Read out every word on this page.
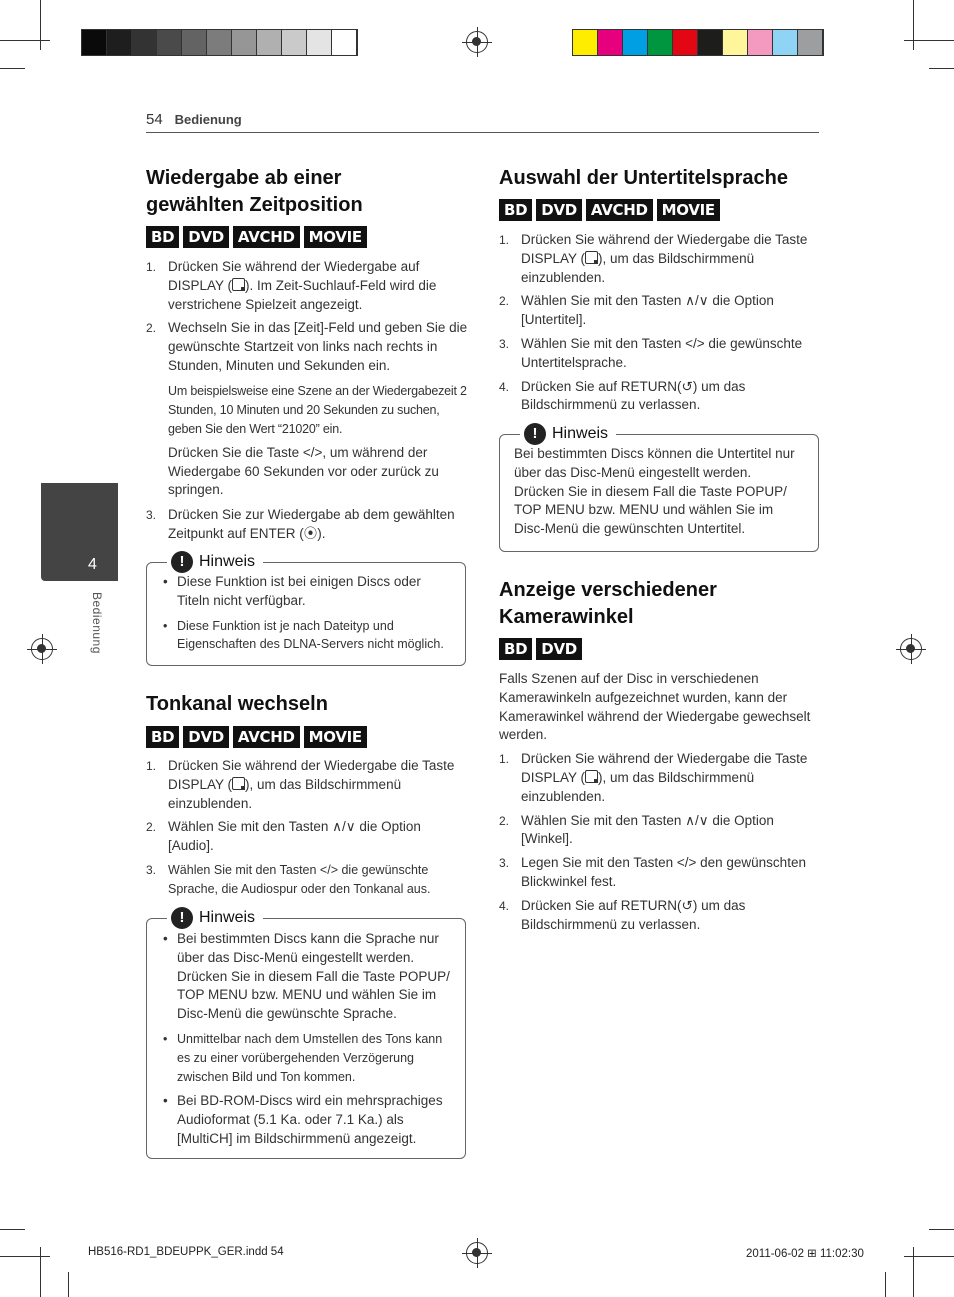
54 Bedienung
4
Bedienung
Wiedergabe ab einer
gewählten Zeitposition
BD DVD AVCHD MOVIE
1. Drücken Sie während der Wiedergabe auf DISPLAY ( ). Im Zeit-Suchlauf-Feld wird die verstrichene Spielzeit angezeigt.
2. Wechseln Sie in das [Zeit]-Feld und geben Sie die gewünschte Startzeit von links nach rechts in Stunden, Minuten und Sekunden ein.

Um beispielsweise eine Szene an der Wiedergabezeit 2 Stunden, 10 Minuten und 20 Sekunden zu suchen, geben Sie den Wert “21020” ein.

Drücken Sie die Taste </>, um während der Wiedergabe 60 Sekunden vor oder zurück zu springen.

3. Drücken Sie zur Wiedergabe ab dem gewählten Zeitpunkt auf ENTER (⦿).
! Hinweis
• Diese Funktion ist bei einigen Discs oder Titeln nicht verfügbar.
• Diese Funktion ist je nach Dateityp und Eigenschaften des DLNA-Servers nicht möglich.
Tonkanal wechseln
BD DVD AVCHD MOVIE
1. Drücken Sie während der Wiedergabe die Taste DISPLAY ( ), um das Bildschirmmenü einzublenden.
2. Wählen Sie mit den Tasten ∧/∨ die Option [Audio].
3. Wählen Sie mit den Tasten </> die gewünschte Sprache, die Audiospur oder den Tonkanal aus.
! Hinweis
• Bei bestimmten Discs kann die Sprache nur über das Disc-Menü eingestellt werden. Drücken Sie in diesem Fall die Taste POPUP/ TOP MENU bzw. MENU und wählen Sie im Disc-Menü die gewünschte Sprache.
• Unmittelbar nach dem Umstellen des Tons kann es zu einer vorübergehenden Verzögerung zwischen Bild und Ton kommen.
• Bei BD-ROM-Discs wird ein mehrsprachiges Audioformat (5.1 Ka. oder 7.1 Ka.) als [MultiCH] im Bildschirmmenü angezeigt.
Auswahl der Untertitelsprache
BD DVD AVCHD MOVIE
1. Drücken Sie während der Wiedergabe die Taste DISPLAY ( ), um das Bildschirmmenü einzublenden.
2. Wählen Sie mit den Tasten ∧/∨ die Option [Untertitel].
3. Wählen Sie mit den Tasten </> die gewünschte Untertitelsprache.
4. Drücken Sie auf RETURN(↺) um das Bildschirmmenü zu verlassen.
! Hinweis

Bei bestimmten Discs können die Untertitel nur über das Disc-Menü eingestellt werden. Drücken Sie in diesem Fall die Taste POPUP/ TOP MENU bzw. MENU und wählen Sie im Disc-Menü die gewünschten Untertitel.

Anzeige verschiedener
Kamerawinkel
BD DVD

Falls Szenen auf der Disc in verschiedenen Kamerawinkeln aufgezeichnet wurden, kann der Kamerawinkel während der Wiedergabe gewechselt werden.

1. Drücken Sie während der Wiedergabe die Taste DISPLAY ( ), um das Bildschirmmenü einzublenden.
2. Wählen Sie mit den Tasten ∧/∨ die Option [Winkel].
3. Legen Sie mit den Tasten </> den gewünschten Blickwinkel fest.
4. Drücken Sie auf RETURN(↺) um das Bildschirmmenü zu verlassen.
HB516-RD1_BDEUPPK_GER.indd 54	2011-06-02 ⊞ 11:02:30
